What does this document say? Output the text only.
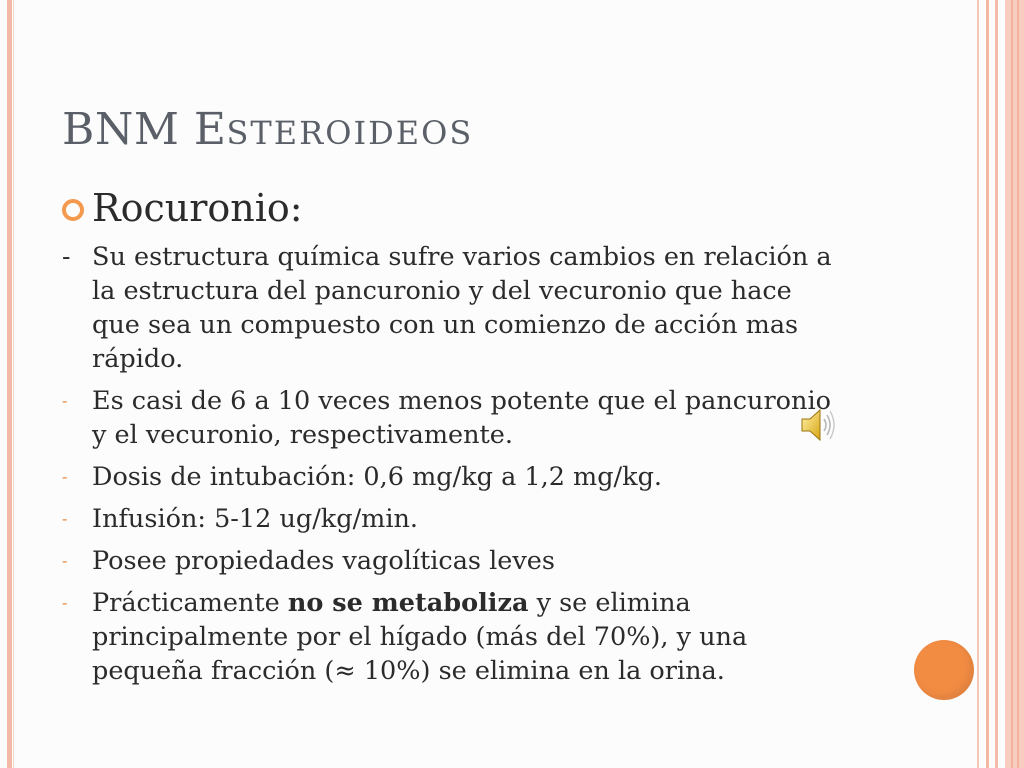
BNM ESTEROIDEOS
Rocuronio:
- Su estructura química sufre varios cambios en relación a la estructura del pancuronio y del vecuronio que hace que sea un compuesto con un comienzo de acción mas rápido.
- Es casi de 6 a 10 veces menos potente que el pancuronio y el vecuronio, respectivamente.
- Dosis de intubación: 0,6 mg/kg a 1,2 mg/kg.
- Infusión: 5-12 ug/kg/min.
- Posee propiedades vagolíticas leves
- Prácticamente no se metaboliza y se elimina principalmente por el hígado (más del 70%), y una pequeña fracción (≈ 10%) se elimina en la orina.
